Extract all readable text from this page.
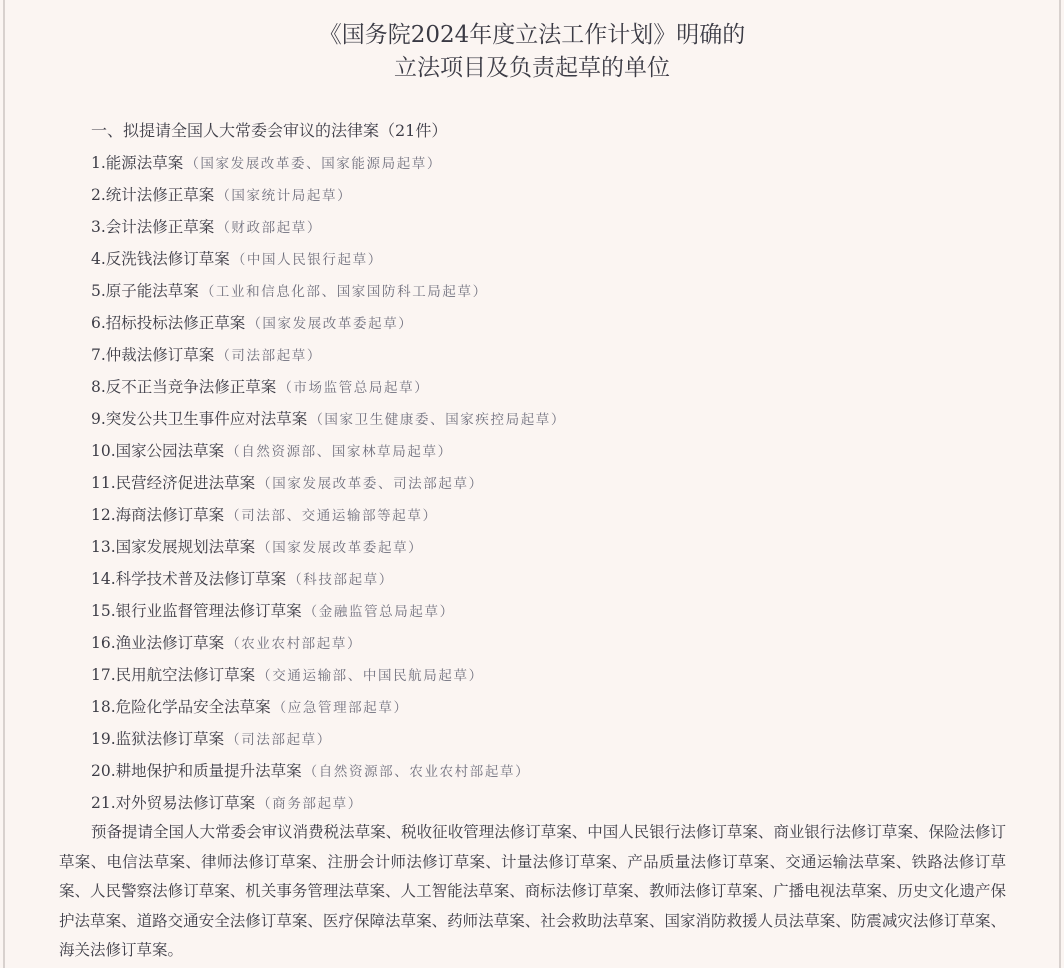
《国务院2024年度立法工作计划》明确的
立法项目及负责起草的单位
一、拟提请全国人大常委会审议的法律案（21件）
1.能源法草案 （国家发展改革委、国家能源局起草）
2.统计法修正草案 （国家统计局起草）
3.会计法修正草案 （财政部起草）
4.反洗钱法修订草案 （中国人民银行起草）
5.原子能法草案 （工业和信息化部、国家国防科工局起草）
6.招标投标法修正草案 （国家发展改革委起草）
7.仲裁法修订草案 （司法部起草）
8.反不正当竞争法修正草案 （市场监管总局起草）
9.突发公共卫生事件应对法草案 （国家卫生健康委、国家疾控局起草）
10.国家公园法草案 （自然资源部、国家林草局起草）
11.民营经济促进法草案 （国家发展改革委、司法部起草）
12.海商法修订草案 （司法部、交通运输部等起草）
13.国家发展规划法草案 （国家发展改革委起草）
14.科学技术普及法修订草案 （科技部起草）
15.银行业监督管理法修订草案 （金融监管总局起草）
16.渔业法修订草案 （农业农村部起草）
17.民用航空法修订草案 （交通运输部、中国民航局起草）
18.危险化学品安全法草案 （应急管理部起草）
19.监狱法修订草案 （司法部起草）
20.耕地保护和质量提升法草案 （自然资源部、农业农村部起草）
21.对外贸易法修订草案 （商务部起草）

预备提请全国人大常委会审议消费税法草案、税收征收管理法修订草案、中国人民银行法修订草案、商业银行法修订草案、保险法修订草案、电信法草案、律师法修订草案、注册会计师法修订草案、计量法修订草案、产品质量法修订草案、交通运输法草案、铁路法修订草案、人民警察法修订草案、机关事务管理法草案、人工智能法草案、商标法修订草案、教师法修订草案、广播电视法草案、历史文化遗产保护法草案、道路交通安全法修订草案、医疗保障法草案、药师法草案、社会救助法草案、国家消防救援人员法草案、防震减灾法修订草案、海关法修订草案。
